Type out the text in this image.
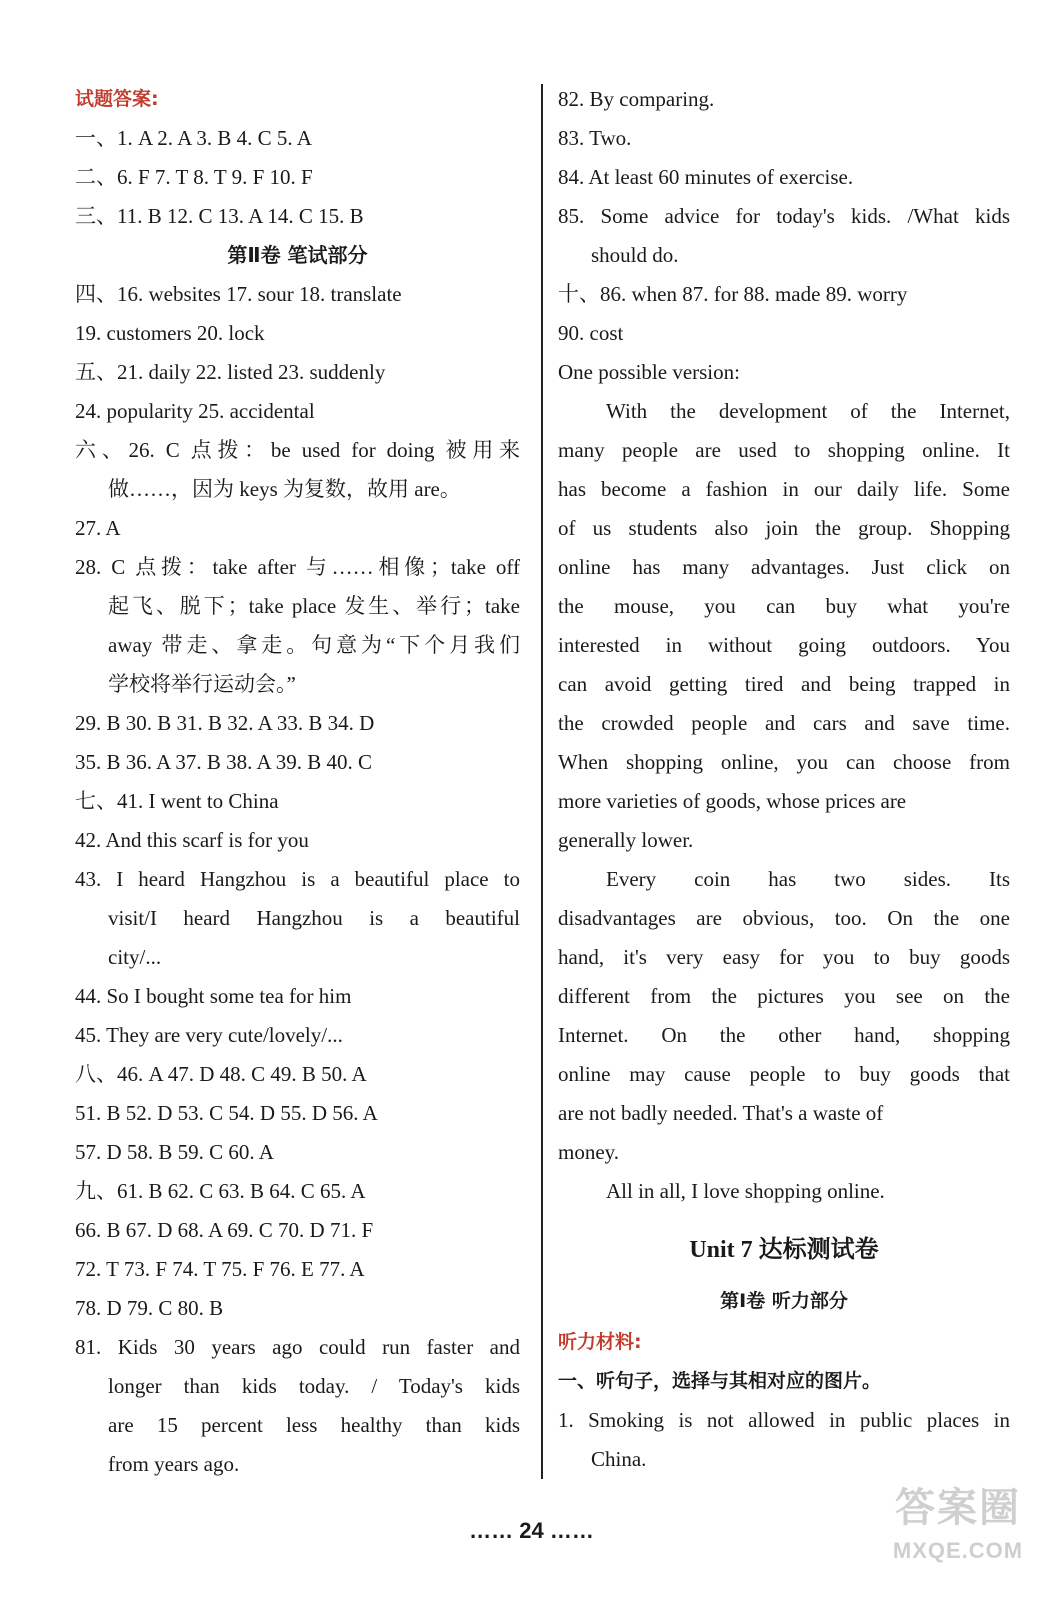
试题答案:
一、1. A 2. A 3. B 4. C 5. A
二、6. F 7. T 8. T 9. F 10. F
三、11. B 12. C 13. A 14. C 15. B
第Ⅱ卷 笔试部分
四、16. websites 17. sour 18. translate
19. customers 20. lock
五、21. daily 22. listed 23. suddenly
24. popularity 25. accidental
六、26. C 点拨：be used for doing 被用来
做……，因为 keys 为复数，故用 are。
27. A
28. C 点拨：take after 与……相像；take off
起飞、脱下；take place 发生、举行；take
away 带走、拿走。句意为“下个月我们
学校将举行运动会。”
29. B 30. B 31. B 32. A 33. B 34. D
35. B 36. A 37. B 38. A 39. B 40. C
七、41. I went to China
42. And this scarf is for you
43. I heard Hangzhou is a beautiful place to
visit/I heard Hangzhou is a beautiful
city/...
44. So I bought some tea for him
45. They are very cute/lovely/...
八、46. A 47. D 48. C 49. B 50. A
51. B 52. D 53. C 54. D 55. D 56. A
57. D 58. B 59. C 60. A
九、61. B 62. C 63. B 64. C 65. A
66. B 67. D 68. A 69. C 70. D 71. F
72. T 73. F 74. T 75. F 76. E 77. A
78. D 79. C 80. B
81. Kids 30 years ago could run faster and
longer than kids today. / Today's kids
are 15 percent less healthy than kids
from years ago.
82. By comparing.
83. Two.
84. At least 60 minutes of exercise.
85. Some advice for today's kids. /What kids
should do.
十、86. when 87. for 88. made 89. worry
90. cost
One possible version:
With the development of the Internet,
many people are used to shopping online. It
has become a fashion in our daily life. Some
of us students also join the group. Shopping
online has many advantages. Just click on
the mouse, you can buy what you're
interested in without going outdoors. You
can avoid getting tired and being trapped in
the crowded people and cars and save time.
When shopping online, you can choose from
more varieties of goods, whose prices are
generally lower.
Every coin has two sides. Its
disadvantages are obvious, too. On the one
hand, it's very easy for you to buy goods
different from the pictures you see on the
Internet. On the other hand, shopping
online may cause people to buy goods that
are not badly needed. That's a waste of
money.
All in all, I love shopping online.
Unit 7 达标测试卷
第Ⅰ卷 听力部分
听力材料:
一、听句子，选择与其相对应的图片。
1. Smoking is not allowed in public places in
China.
…… 24 ……
答案圈
MXQE.COM
